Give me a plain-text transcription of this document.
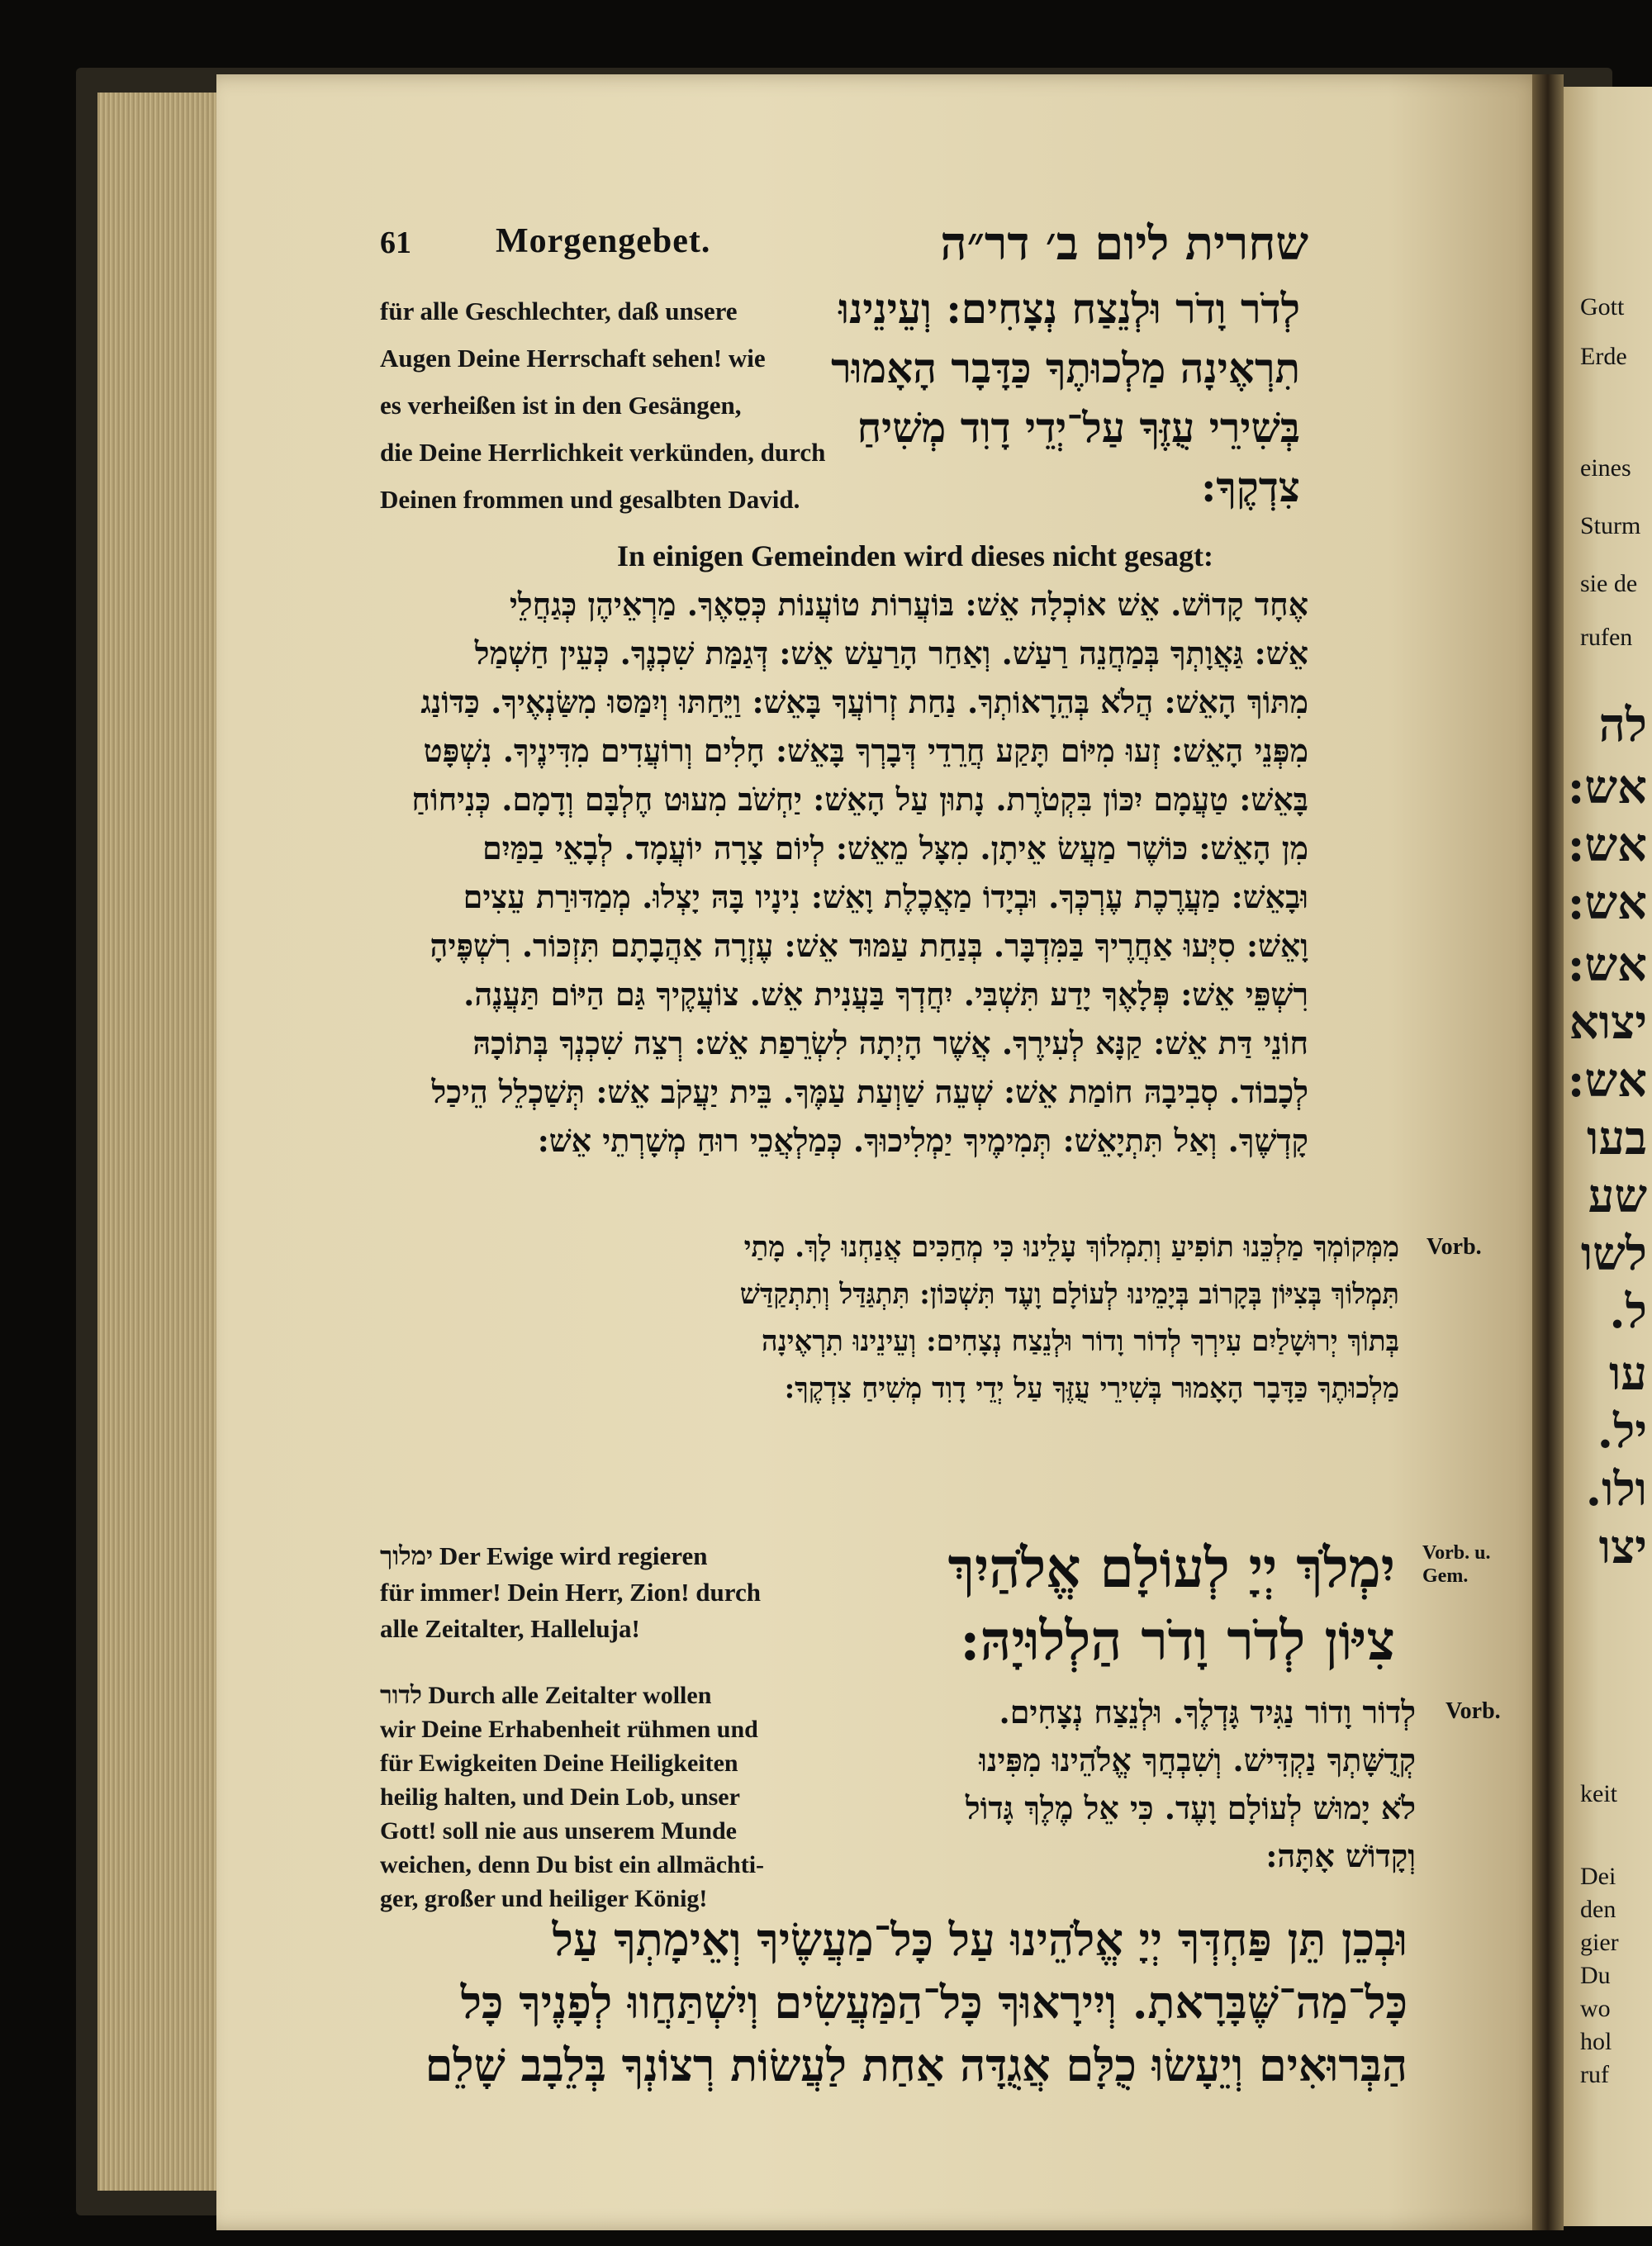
61 Morgengebet.	שחרית ליום ב׳ דר״ה
für alle Geschlechter, daß unsere
Augen Deine Herrschaft sehen! wie
es verheißen ist in den Gesängen,
die Deine Herrlichkeit verkünden, durch
Deinen frommen und gesalbten David.
לְדֹר וָדֹר וּלְנֵצַח נְצָחִים: וְעֵינֵינוּ
תִרְאֶינָה מַלְכוּתֶךָ כַּדָּבָר הָאָמוּר
בְּשִׁירֵי עֻזֶּךָ עַל־יְדֵי דָוִד מְשִׁיחַ
צִדְקֶךָ:
In einigen Gemeinden wird dieses nicht gesagt:
אֶחָד קָדוֹשׁ. אֵשׁ אוֹכְלָה אֵשׁ: בּוֹעֲרוֹת טוֹעֲנוֹת כְּסֵאֶךָ. מַרְאֵיהֶן כְּגַחֲלֵי
אֵשׁ: גַּאֲוָתְךָ בְּמַחֲנֵה רַעַשׁ. וְאַחַר הָרַעַשׁ אֵשׁ: דְּגַמַּת שִׁכְנֶךָ. כְּעֵין חַשְׁמַל
מִתּוֹךְ הָאֵשׁ: הֲלֹא בְּהֵרָאוֹתְךָ. נַחַת זְרוֹעֲךָ בָּאֵשׁ: וַיֵּחַתּוּ וְיִמַּסּוּ מִשַּׂנְאֶיךָ. כַּדּוֹנַג
מִפְּנֵי הָאֵשׁ: זְעוּ מִיּוֹם תָּקַע חֲרֵדֵי דְּבָרְךָ בָּאֵשׁ: חָלִים וְרוֹעֲדִים מִדִּינֶיךָ. נִשְׁפָּט
בָּאֵשׁ: טַעֲמָם יִכּוֹן בִּקְטֹרֶת. נָתוּן עַל הָאֵשׁ: יַחְשֹׁב מִעוּט חֶלְבָּם וְדָמָם. כְּנִיחוֹחַ
מִן הָאֵשׁ: כּוֹשֶׁר מַעֲשׂ אֵיתָן. מִצָּל מֵאֵשׁ: לְיוֹם צָרָה יוֹעֲמָד. לְבָאֵי בַמַּיִם
וּבָאֵשׁ: מַעֲרֶכֶת עֶרְכְּךָ. וּבְיָדוֹ מַאֲכֶלֶת וָאֵשׁ: נִינָיו בָּהּ יָצְלוּ. מְמַדּוּרַת עֵצִים
וָאֵשׁ: סִיְּעוּ אַחֲרֶיךָ בַּמִּדְבָּר. בְּנַחַת עַמּוּד אֵשׁ: עֶזְרָה אַהֲבָתָם תִּזְכּוֹר. רִשְׁפֶּיהָ
רִשְׁפֵּי אֵשׁ: פְּלָאֶךָ יָדַע תִּשְׁבִּי. יִחֲדְךָ בַּעֲנִית אֵשׁ. צוֹעֲקֶיךָ גַּם הַיּוֹם תַּעֲנֶה.
חוֹנֵי דַּת אֵשׁ: קַנָּא לְעִירֶךָ. אֲשֶׁר הָיְתָה לִשְׂרֵפַת אֵשׁ: רְצֵה שִׁכְנְךָ בְּתוֹכָהּ
לְכָבוֹד. סְבִיבָהּ חוֹמַת אֵשׁ: שְׁעֵה שַׁוְעַת עַמֶּךָ. בֵּית יַעֲקֹב אֵשׁ: תְּשַׁכְלֵל הֵיכַל
קָדְשֶׁךָ. וְאַל תִּתְיָאֵשׁ: תְּמִימֶיךָ יַמְלִיכוּךָ. כְּמַלְאֲכֵי רוּחַ מְשָׁרְתֵי אֵשׁ:
Vorb.
מִמְּקוֹמְךָ מַלְכֵּנוּ תוֹפִיעַ וְתִמְלוֹךְ עָלֵינוּ כִּי מְחַכִּים אֲנַחְנוּ לָךְ. מָתַי
תִּמְלוֹךְ בְּצִיּוֹן בְּקָרוֹב בְּיָמֵינוּ לְעוֹלָם וָעֶד תִּשְׁכּוֹן: תִּתְגַּדַּל וְתִתְקַדַּשׁ
בְּתוֹךְ יְרוּשָׁלַיִם עִירְךָ לְדוֹר וָדוֹר וּלְנֵצַח נְצָחִים: וְעֵינֵינוּ תִרְאֶינָה
מַלְכוּתֶךָ כַּדָּבָר הָאָמוּר בְּשִׁירֵי עֻזֶּךָ עַל יְדֵי דָוִד מְשִׁיחַ צִדְקֶךָ:
ימלוך Der Ewige wird regieren
für immer! Dein Herr, Zion! durch
alle Zeitalter, Halleluja!
Vorb. u.
Gem.
יִמְלֹךְ יְיָ לְעוֹלָם אֱלֹהַיִךְ
צִיּוֹן לְדֹר וָדֹר הַלְלוּיָהּ:
לדור Durch alle Zeitalter wollen
wir Deine Erhabenheit rühmen und
für Ewigkeiten Deine Heiligkeiten
heilig halten, und Dein Lob, unser
Gott! soll nie aus unserem Munde
weichen, denn Du bist ein allmächti-
ger, großer und heiliger König!
Vorb.
לְדוֹר וָדוֹר נַגִּיד גָּדְלֶךָ. וּלְנֵצַח נְצָחִים.
קְדֻשָּׁתְךָ נַקְדִּישׁ. וְשִׁבְחֲךָ אֱלֹהֵינוּ מִפִּינוּ
לֹא יָמוּשׁ לְעוֹלָם וָעֶד. כִּי אֵל מֶלֶךְ גָּדוֹל
וְקָדוֹשׁ אָתָּה:
וּבְכֵן תֵּן פַּחְדְּךָ יְיָ אֱלֹהֵינוּ עַל כָּל־מַעֲשֶׂיךָ וְאֵימָתְךָ עַל
כָּל־מַה־שֶּׁבָּרָאתָ. וְיִירָאוּךָ כָּל־הַמַּעֲשִׂים וְיִשְׁתַּחֲווּ לְפָנֶיךָ כָּל
הַבְּרוּאִים וְיֵעָשׂוּ כֻלָּם אֲגֻדָּה אַחַת לַעֲשׂוֹת רְצוֹנְךָ בְּלֵבָב שָׁלֵם
Gott
Erde
eines
Sturm
sie de
rufen
לה
אש:
אש:
אש:
אש:
יצוא
אש:
בעו
שע
לשו
ל.
עו
יל.
ולו.
יצו
keit
Dei
den
gier
Du
wo
hol
ruf
